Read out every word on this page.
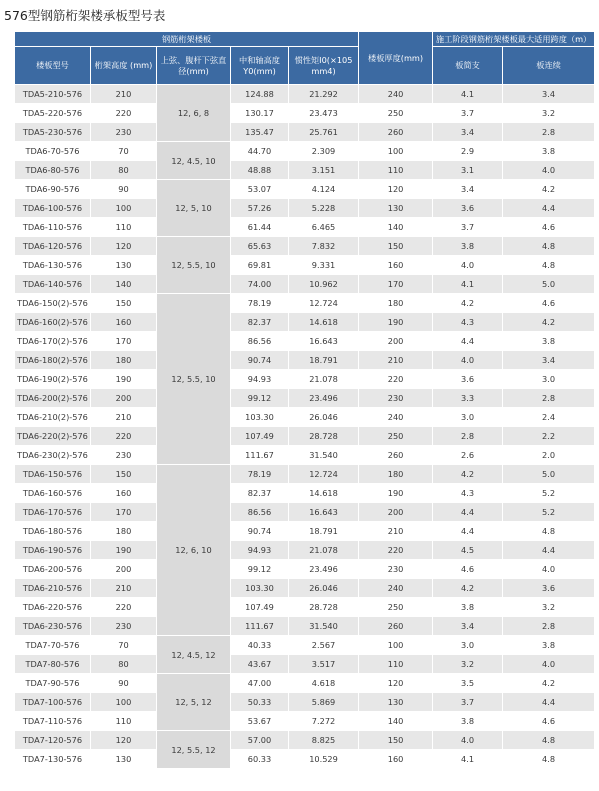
576型钢筋桁架楼承板型号表
钢筋桁架楼板					楼板厚度(mm)	施工阶段钢筋桁架楼板最大适用跨度（m）	
楼板型号	桁架高度 (mm)	上弦、腹杆下弦直径(mm)	中和轴高度Y0(mm)	惯性矩I0(×105 mm4)		板简支	板连续
TDA5-210-576	210	12, 6, 8	124.88	21.292	240	4.1	3.4
TDA5-220-576	220		130.17	23.473	250	3.7	3.2
TDA5-230-576	230		135.47	25.761	260	3.4	2.8
TDA6-70-576	70	12, 4.5, 10	44.70	2.309	100	2.9	3.8
TDA6-80-576	80		48.88	3.151	110	3.1	4.0
TDA6-90-576	90	12, 5, 10	53.07	4.124	120	3.4	4.2
TDA6-100-576	100		57.26	5.228	130	3.6	4.4
TDA6-110-576	110		61.44	6.465	140	3.7	4.6
TDA6-120-576	120	12, 5.5, 10	65.63	7.832	150	3.8	4.8
TDA6-130-576	130		69.81	9.331	160	4.0	4.8
TDA6-140-576	140		74.00	10.962	170	4.1	5.0
TDA6-150(2)-576	150	12, 5.5, 10	78.19	12.724	180	4.2	4.6
TDA6-160(2)-576	160		82.37	14.618	190	4.3	4.2
TDA6-170(2)-576	170		86.56	16.643	200	4.4	3.8
TDA6-180(2)-576	180		90.74	18.791	210	4.0	3.4
TDA6-190(2)-576	190		94.93	21.078	220	3.6	3.0
TDA6-200(2)-576	200		99.12	23.496	230	3.3	2.8
TDA6-210(2)-576	210		103.30	26.046	240	3.0	2.4
TDA6-220(2)-576	220		107.49	28.728	250	2.8	2.2
TDA6-230(2)-576	230		111.67	31.540	260	2.6	2.0
TDA6-150-576	150	12, 6, 10	78.19	12.724	180	4.2	5.0
TDA6-160-576	160		82.37	14.618	190	4.3	5.2
TDA6-170-576	170		86.56	16.643	200	4.4	5.2
TDA6-180-576	180		90.74	18.791	210	4.4	4.8
TDA6-190-576	190		94.93	21.078	220	4.5	4.4
TDA6-200-576	200		99.12	23.496	230	4.6	4.0
TDA6-210-576	210		103.30	26.046	240	4.2	3.6
TDA6-220-576	220		107.49	28.728	250	3.8	3.2
TDA6-230-576	230		111.67	31.540	260	3.4	2.8
TDA7-70-576	70	12, 4.5, 12	40.33	2.567	100	3.0	3.8
TDA7-80-576	80		43.67	3.517	110	3.2	4.0
TDA7-90-576	90	12, 5, 12	47.00	4.618	120	3.5	4.2
TDA7-100-576	100		50.33	5.869	130	3.7	4.4
TDA7-110-576	110		53.67	7.272	140	3.8	4.6
TDA7-120-576	120	12, 5.5, 12	57.00	8.825	150	4.0	4.8
TDA7-130-576	130		60.33	10.529	160	4.1	4.8
